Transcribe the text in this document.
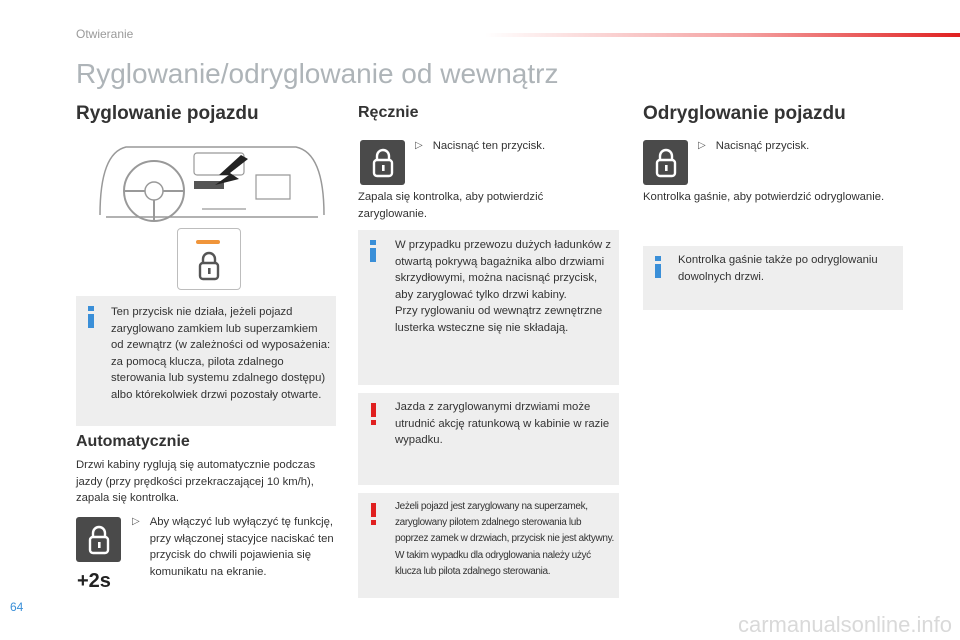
Otwieranie
Ryglowanie/odryglowanie od wewnątrz
Ryglowanie pojazdu
Ten przycisk nie działa, jeżeli pojazd zaryglowano zamkiem lub superzamkiem od zewnątrz (w zależności od wyposażenia: za pomocą klucza, pilota zdalnego sterowania lub systemu zdalnego dostępu) albo którekolwiek drzwi pozostały otwarte.
Automatycznie
Drzwi kabiny ryglują się automatycznie podczas jazdy (przy prędkości przekraczającej 10 km/h), zapala się kontrolka.
+2s
▷ Aby włączyć lub wyłączyć tę funkcję, przy włączonej stacyjce naciskać ten przycisk do chwili pojawienia się komunikatu na ekranie.
Ręcznie
▷ Nacisnąć ten przycisk.
Zapala się kontrolka, aby potwierdzić zaryglowanie.
W przypadku przewozu dużych ładunków z otwartą pokrywą bagażnika albo drzwiami skrzydłowymi, można nacisnąć przycisk, aby zaryglować tylko drzwi kabiny.
Przy ryglowaniu od wewnątrz zewnętrzne lusterka wsteczne się nie składają.
Jazda z zaryglowanymi drzwiami może utrudnić akcję ratunkową w kabinie w razie wypadku.
Jeżeli pojazd jest zaryglowany na superzamek, zaryglowany pilotem zdalnego sterowania lub poprzez zamek w drzwiach, przycisk nie jest aktywny. W takim wypadku dla odryglowania należy użyć klucza lub pilota zdalnego sterowania.
Odryglowanie pojazdu
▷ Nacisnąć przycisk.
Kontrolka gaśnie, aby potwierdzić odryglowanie.
Kontrolka gaśnie także po odryglowaniu dowolnych drzwi.
64
carmanualsonline.info
